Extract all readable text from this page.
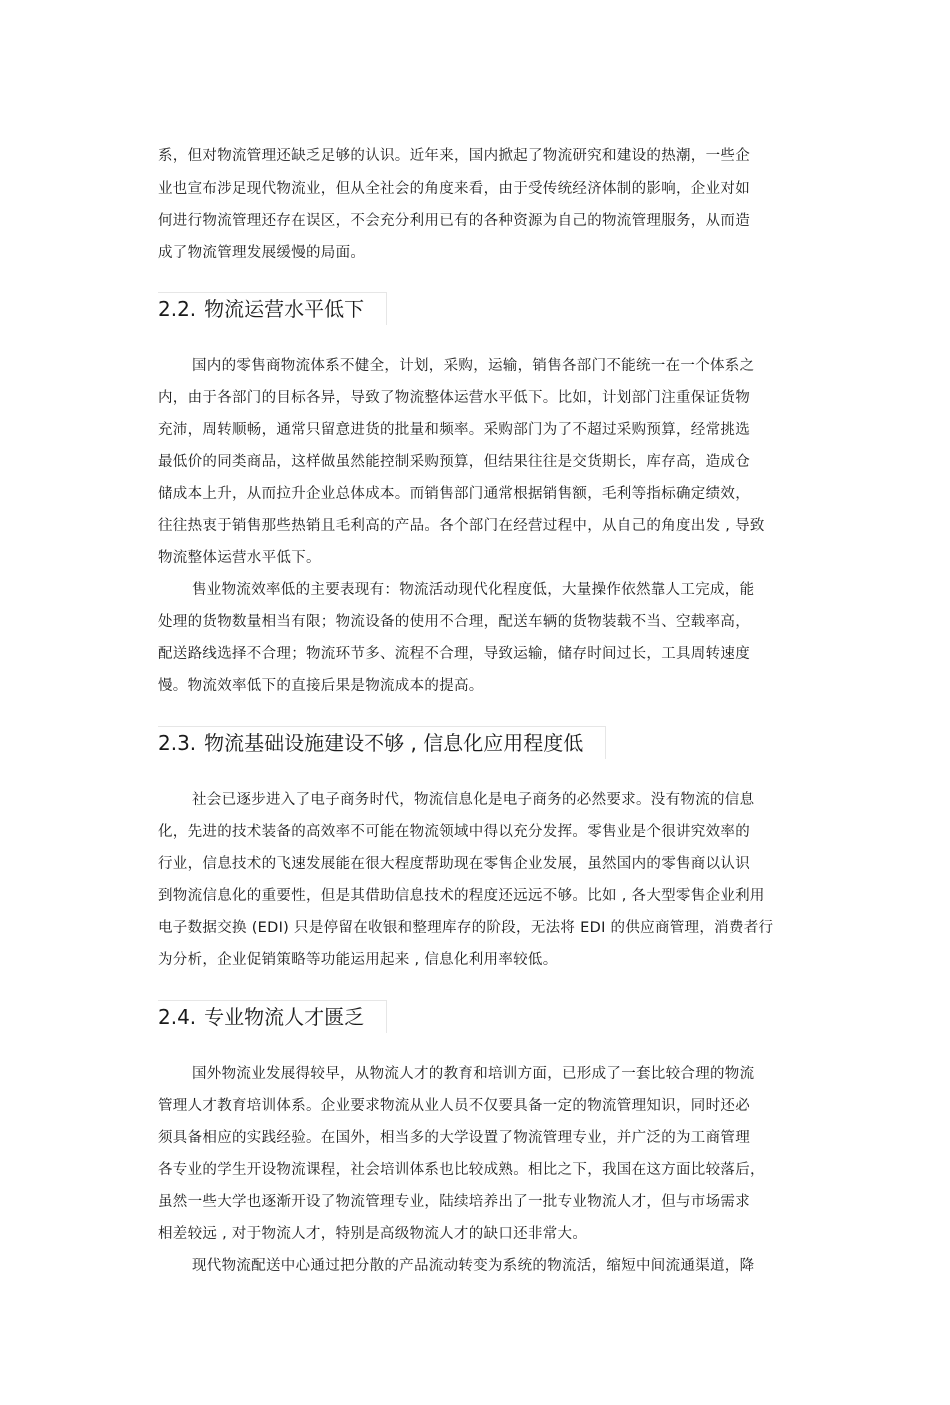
系，但对物流管理还缺乏足够的认识。近年来，国内掀起了物流研究和建设的热潮，一些企
业也宣布涉足现代物流业，但从全社会的角度来看，由于受传统经济体制的影响，企业对如
何进行物流管理还存在误区，不会充分利用已有的各种资源为自己的物流管理服务，从而造
成了物流管理发展缓慢的局面。
2.2. 物流运营水平低下
国内的零售商物流体系不健全，计划，采购，运输，销售各部门不能统一在一个体系之
内，由于各部门的目标各异，导致了物流整体运营水平低下。比如，计划部门注重保证货物
充沛，周转顺畅，通常只留意进货的批量和频率。采购部门为了不超过采购预算，经常挑选
最低价的同类商品，这样做虽然能控制采购预算，但结果往往是交货期长，库存高，造成仓
储成本上升，从而拉升企业总体成本。而销售部门通常根据销售额，毛利等指标确定绩效，
往往热衷于销售那些热销且毛利高的产品。各个部门在经营过程中，从自己的角度出发 , 导致
物流整体运营水平低下。
售业物流效率低的主要表现有：物流活动现代化程度低，大量操作依然靠人工完成，能
处理的货物数量相当有限；物流设备的使用不合理，配送车辆的货物装载不当、空载率高，
配送路线选择不合理；物流环节多、流程不合理，导致运输，储存时间过长，工具周转速度
慢。物流效率低下的直接后果是物流成本的提高。
2.3. 物流基础设施建设不够 , 信息化应用程度低
社会已逐步进入了电子商务时代，物流信息化是电子商务的必然要求。没有物流的信息
化，先进的技术装备的高效率不可能在物流领域中得以充分发挥。零售业是个很讲究效率的
行业，信息技术的飞速发展能在很大程度帮助现在零售企业发展，虽然国内的零售商以认识
到物流信息化的重要性，但是其借助信息技术的程度还远远不够。比如 , 各大型零售企业利用
电子数据交换 (EDI) 只是停留在收银和整理库存的阶段，无法将 EDI 的供应商管理，消费者行
为分析，企业促销策略等功能运用起来 , 信息化利用率较低。
2.4. 专业物流人才匮乏
国外物流业发展得较早，从物流人才的教育和培训方面，已形成了一套比较合理的物流
管理人才教育培训体系。企业要求物流从业人员不仅要具备一定的物流管理知识，同时还必
须具备相应的实践经验。在国外，相当多的大学设置了物流管理专业，并广泛的为工商管理
各专业的学生开设物流课程，社会培训体系也比较成熟。相比之下，我国在这方面比较落后，
虽然一些大学也逐渐开设了物流管理专业，陆续培养出了一批专业物流人才，但与市场需求
相差较远 , 对于物流人才，特别是高级物流人才的缺口还非常大。
现代物流配送中心通过把分散的产品流动转变为系统的物流活，缩短中间流通渠道，降
